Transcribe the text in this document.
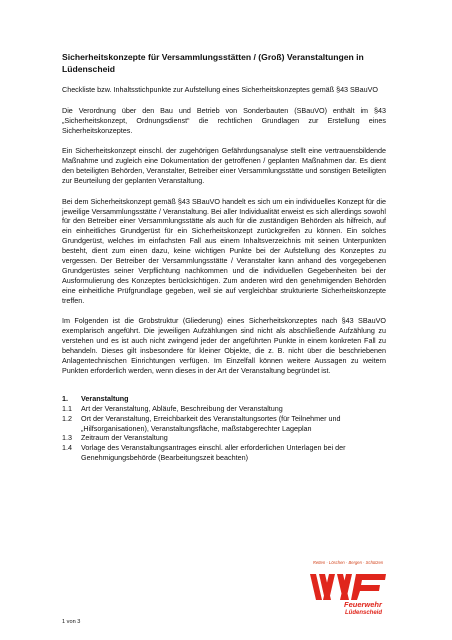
Sicherheitskonzepte für Versammlungsstätten / (Groß) Veranstaltungen in Lüdenscheid

Checkliste bzw. Inhaltsstichpunkte zur Aufstellung eines Sicherheitskonzeptes gemäß §43 SBauVO

Die Verordnung über den Bau und Betrieb von Sonderbauten (SBauVO) enthält im §43 „Sicherheitskonzept, Ordnungsdienst“ die rechtlichen Grundlagen zur Erstellung eines Sicherheitskonzeptes.

Ein Sicherheitskonzept einschl. der zugehörigen Gefährdungsanalyse stellt eine vertrauensbildende Maßnahme und zugleich eine Dokumentation der getroffenen / geplanten Maßnahmen dar. Es dient den beteiligten Behörden, Veranstalter, Betreiber einer Versammlungsstätte und sonstigen Beteiligten zur Beurteilung der geplanten Veranstaltung.

Bei dem Sicherheitskonzept gemäß §43 SBauVO handelt es sich um ein individuelles Konzept für die jeweilige Versammlungsstätte / Veranstaltung. Bei aller Individualität erweist es sich allerdings sowohl für den Betreiber einer Versammlungsstätte als auch für die zuständigen Behörden als hilfreich, auf ein einheitliches Grundgerüst für ein Sicherheitskonzept zurückgreifen zu können. Ein solches Grundgerüst, welches im einfachsten Fall aus einem Inhaltsverzeichnis mit seinen Unterpunkten besteht, dient zum einen dazu, keine wichtigen Punkte bei der Aufstellung des Konzeptes zu vergessen. Der Betreiber der Versammlungsstätte / Veranstalter kann anhand des vorgegebenen Grundgerüstes seiner Verpflichtung nachkommen und die individuellen Gegebenheiten bei der Ausformulierung des Konzeptes berücksichtigen. Zum anderen wird den genehmigenden Behörden eine einheitliche Prüfgrundlage gegeben, weil sie auf vergleichbar strukturierte Sicherheitskonzepte treffen.

Im Folgenden ist die Grobstruktur (Gliederung) eines Sicherheitskonzeptes nach §43 SBauVO exemplarisch angeführt. Die jeweiligen Aufzählungen sind nicht als abschließende Aufzählung zu verstehen und es ist auch nicht zwingend jeder der angeführten Punkte in einem konkreten Fall zu behandeln. Dieses gilt insbesondere für kleiner Objekte, die z. B. nicht über die beschriebenen Anlagentechnischen Einrichtungen verfügen. Im Einzelfall können weitere Aussagen zu weitern Punkten erforderlich werden, wenn dieses in der Art der Veranstaltung begründet ist.

1.	Veranstaltung
1.1	Art der Veranstaltung, Abläufe, Beschreibung der Veranstaltung
1.2	Ort der Veranstaltung, Erreichbarkeit des Veranstaltungsortes (für Teilnehmer und „Hilfsorganisationen), Veranstaltungsfläche, maßstabgerechter Lageplan
1.3	Zeitraum der Veranstaltung
1.4	Vorlage des Veranstaltungsantrages einschl. aller erforderlichen Unterlagen bei der Genehmigungsbehörde (Bearbeitungszeit beachten)
1 von 3
Retten · Löschen · Bergen · Schützen
Feuerwehr
Lüdenscheid
